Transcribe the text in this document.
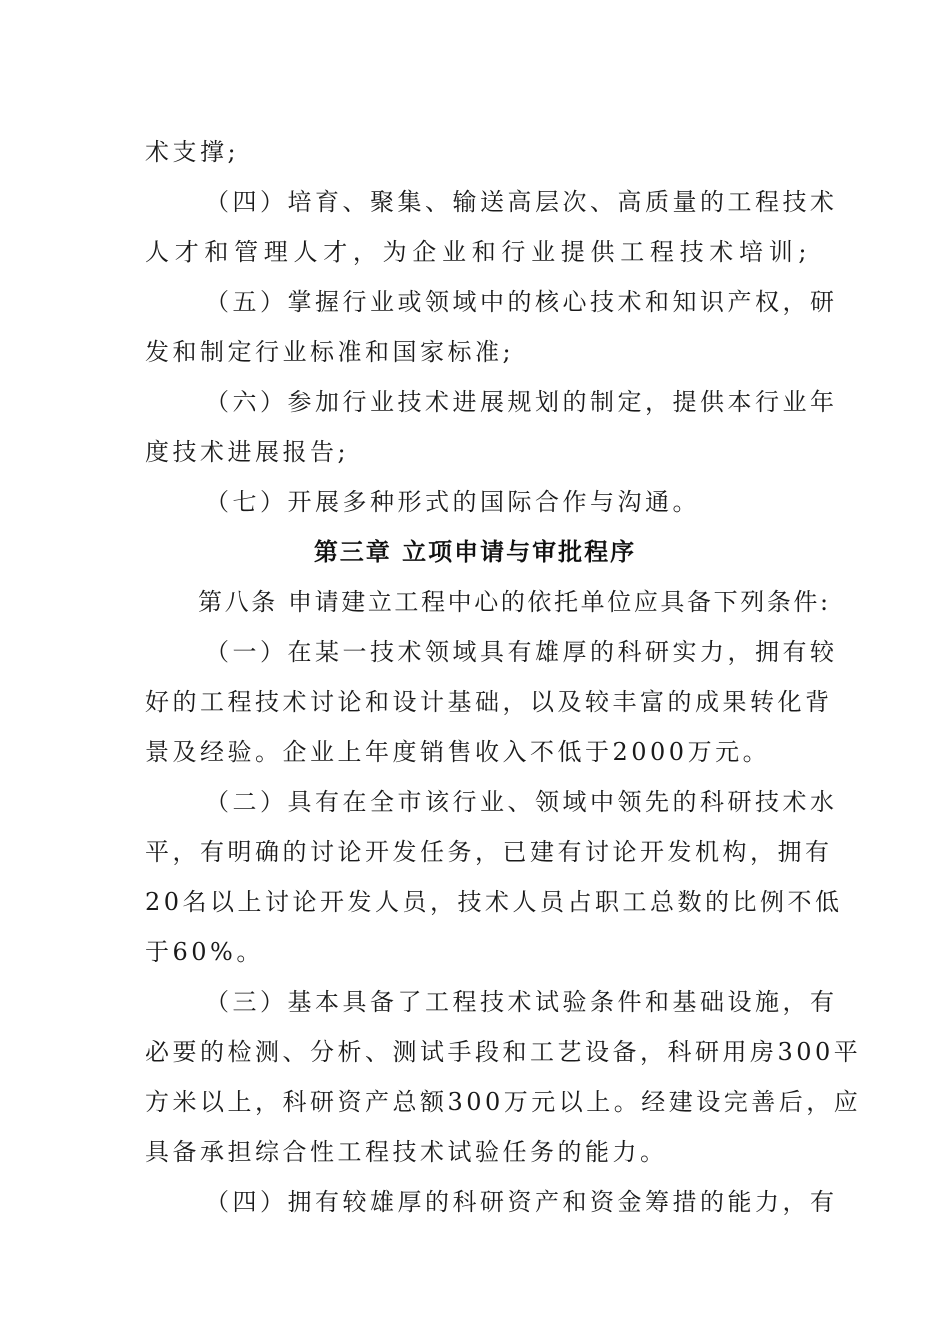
术支撑;
（四）培育、聚集、输送高层次、高质量的工程技术
人才和管理人才，为企业和行业提供工程技术培训;
（五）掌握行业或领域中的核心技术和知识产权，研
发和制定行业标准和国家标准;
（六）参加行业技术进展规划的制定，提供本行业年
度技术进展报告;
（七）开展多种形式的国际合作与沟通。
第三章 立项申请与审批程序
第八条 申请建立工程中心的依托单位应具备下列条件:
（一）在某一技术领域具有雄厚的科研实力，拥有较
好的工程技术讨论和设计基础，以及较丰富的成果转化背
景及经验。企业上年度销售收入不低于2000万元。
（二）具有在全市该行业、领域中领先的科研技术水
平，有明确的讨论开发任务，已建有讨论开发机构，拥有
20名以上讨论开发人员，技术人员占职工总数的比例不低
于60%。
（三）基本具备了工程技术试验条件和基础设施，有
必要的检测、分析、测试手段和工艺设备，科研用房300平
方米以上，科研资产总额300万元以上。经建设完善后，应
具备承担综合性工程技术试验任务的能力。
（四）拥有较雄厚的科研资产和资金筹措的能力，有
